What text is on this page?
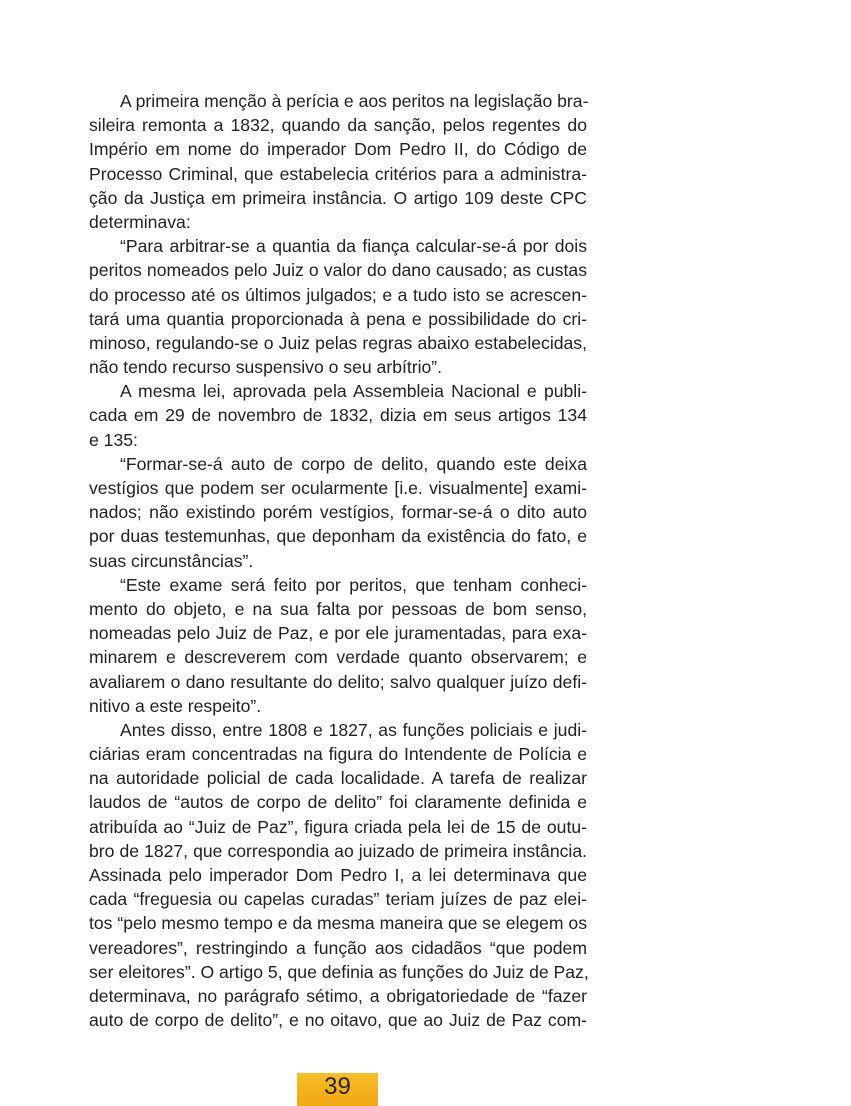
A primeira menção à perícia e aos peritos na legislação bra-
sileira remonta a 1832, quando da sanção, pelos regentes do
Império em nome do imperador Dom Pedro II, do Código de
Processo Criminal, que estabelecia critérios para a administra-
ção da Justiça em primeira instância. O artigo 109 deste CPC
determinava:
“Para arbitrar-se a quantia da fiança calcular-se-á por dois
peritos nomeados pelo Juiz o valor do dano causado; as custas
do processo até os últimos julgados; e a tudo isto se acrescen-
tará uma quantia proporcionada à pena e possibilidade do cri-
minoso, regulando-se o Juiz pelas regras abaixo estabelecidas,
não tendo recurso suspensivo o seu arbítrio”.
A mesma lei, aprovada pela Assembleia Nacional e publi-
cada em 29 de novembro de 1832, dizia em seus artigos 134
e 135:
“Formar-se-á auto de corpo de delito, quando este deixa
vestígios que podem ser ocularmente [i.e. visualmente] exami-
nados; não existindo porém vestígios, formar-se-á o dito auto
por duas testemunhas, que deponham da existência do fato, e
suas circunstâncias”.
“Este exame será feito por peritos, que tenham conheci-
mento do objeto, e na sua falta por pessoas de bom senso,
nomeadas pelo Juiz de Paz, e por ele juramentadas, para exa-
minarem e descreverem com verdade quanto observarem; e
avaliarem o dano resultante do delito; salvo qualquer juízo defi-
nitivo a este respeito”.
Antes disso, entre 1808 e 1827, as funções policiais e judi-
ciárias eram concentradas na figura do Intendente de Polícia e
na autoridade policial de cada localidade. A tarefa de realizar
laudos de “autos de corpo de delito” foi claramente definida e
atribuída ao “Juiz de Paz”, figura criada pela lei de 15 de outu-
bro de 1827, que correspondia ao juizado de primeira instância.
Assinada pelo imperador Dom Pedro I, a lei determinava que
cada “freguesia ou capelas curadas” teriam juízes de paz elei-
tos “pelo mesmo tempo e da mesma maneira que se elegem os
vereadores”, restringindo a função aos cidadãos “que podem
ser eleitores”. O artigo 5, que definia as funções do Juiz de Paz,
determinava, no parágrafo sétimo, a obrigatoriedade de “fazer
auto de corpo de delito”, e no oitavo, que ao Juiz de Paz com-
39
